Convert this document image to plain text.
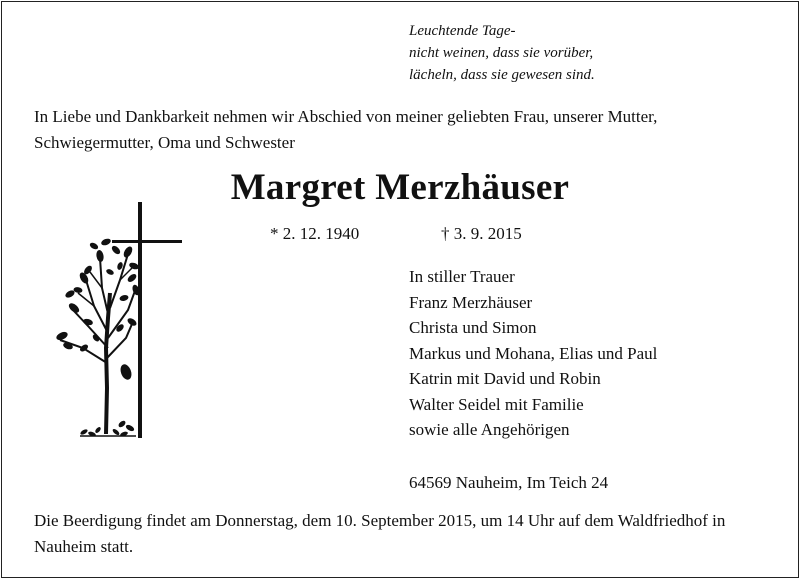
Leuchtende Tage-
nicht weinen, dass sie vorüber,
lächeln, dass sie gewesen sind.
In Liebe und Dankbarkeit nehmen wir Abschied von meiner geliebten Frau, unserer Mutter, Schwiegermutter, Oma und Schwester
Margret Merzhäuser
* 2. 12. 1940	† 3. 9. 2015
In stiller Trauer
Franz Merzhäuser
Christa und Simon
Markus und Mohana, Elias und Paul
Katrin mit David und Robin
Walter Seidel mit Familie
sowie alle Angehörigen
64569 Nauheim, Im Teich 24
Die Beerdigung findet am Donnerstag, dem 10. September 2015, um 14 Uhr auf dem Waldfriedhof in Nauheim statt.
